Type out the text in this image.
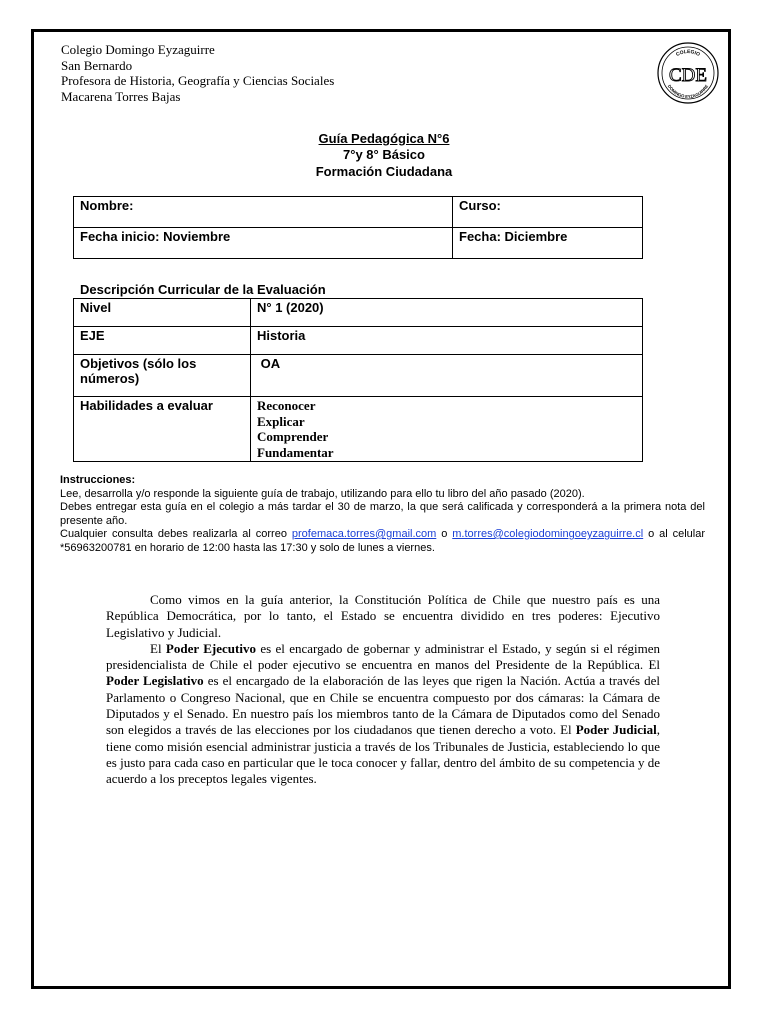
Colegio Domingo Eyzaguirre
San Bernardo
Profesora de Historia, Geografía y Ciencias Sociales
Macarena Torres Bajas
COLEGIO
DOMINGO EYZAGUIRRE
CDE
Guía Pedagógica N°6
7°y 8° Básico
Formación Ciudadana
Nombre:	Curso:
Fecha inicio: Noviembre	Fecha: Diciembre
Descripción Curricular de la Evaluación
Nivel	N° 1 (2020)
EJE	Historia
Objetivos (sólo los números)	OA
Habilidades a evaluar	Reconocer
Explicar
Comprender
Fundamentar
Instrucciones:
Lee, desarrolla y/o responde la siguiente guía de trabajo, utilizando para ello tu libro del año pasado (2020).
Debes entregar esta guía en el colegio a más tardar el 30 de marzo, la que será calificada y corresponderá a la primera nota del presente año.
Cualquier consulta debes realizarla al correo profemaca.torres@gmail.com o m.torres@colegiodomingoeyzaguirre.cl o al celular *56963200781 en horario de 12:00 hasta las 17:30 y solo de lunes a viernes.

Como vimos en la guía anterior, la Constitución Política de Chile que nuestro país es una República Democrática, por lo tanto, el Estado se encuentra dividido en tres poderes: Ejecutivo Legislativo y Judicial.

El Poder Ejecutivo es el encargado de gobernar y administrar el Estado, y según si el régimen presidencialista de Chile el poder ejecutivo se encuentra en manos del Presidente de la República. El Poder Legislativo es el encargado de la elaboración de las leyes que rigen la Nación. Actúa a través del Parlamento o Congreso Nacional, que en Chile se encuentra compuesto por dos cámaras: la Cámara de Diputados y el Senado. En nuestro país los miembros tanto de la Cámara de Diputados como del Senado son elegidos a través de las elecciones por los ciudadanos que tienen derecho a voto. El Poder Judicial, tiene como misión esencial administrar justicia a través de los Tribunales de Justicia, estableciendo lo que es justo para cada caso en particular que le toca conocer y fallar, dentro del ámbito de su competencia y de acuerdo a los preceptos legales vigentes.
